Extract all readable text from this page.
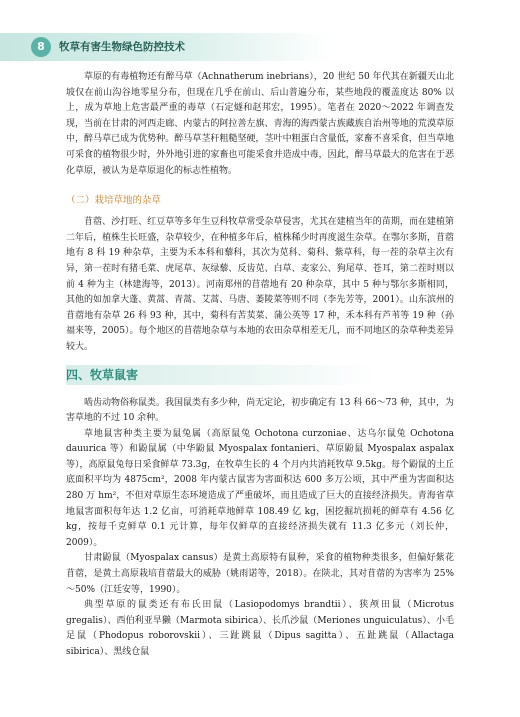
8	牧草有害生物绿色防控技术

草原的有毒植物还有醉马草（Achnatherum inebrians），20 世纪 50 年代其在新疆天山北坡仅在前山沟谷地零星分布，但现在几乎在前山、后山普遍分布，某些地段的覆盖度达 80% 以上，成为草地上危害最严重的毒草（石定燧和赵邦宏，1995）。笔者在 2020～2022 年调查发现，当前在甘肃的河西走廊、内蒙古的阿拉善左旗、青海的海西蒙古族藏族自治州等地的荒漠草原中，醉马草已成为优势种。醉马草茎秆粗糙坚硬，茎叶中粗蛋白含量低，家畜不喜采食，但当草地可采食的植物很少时，外外地引进的家畜也可能采食并造成中毒，因此，醉马草最大的危害在于恶化草原，被认为是草原退化的标志性植物。

（二）栽培草地的杂草

苜蓿、沙打旺、红豆草等多年生豆科牧草常受杂草侵害，尤其在建植当年的苗期，而在建植第二年后，植株生长旺盛，杂草较少，在种植多年后，植株稀少时再度滋生杂草。在鄂尔多斯，苜蓿地有 8 科 19 种杂草，主要为禾本科和藜科，其次为苋科、菊科、紫草科，每一茬的杂草主次有异，第一茬时有猪毛菜、虎尾草、灰绿藜、反齿苋、白草、麦家公、狗尾草、苍耳，第二茬时则以前 4 种为主（林建海等，2013）。河南郑州的苜蓿地有 20 种杂草，其中 5 种与鄂尔多斯相同，其他的如加拿大蓬、黄蒿、青蒿、艾蒿、马唐、萎陵菜等则不同（李先芳等，2001）。山东滨州的苜蓿地有杂草 26 科 93 种，其中，菊科有苦荬菜、蒲公英等 17 种，禾本科有芦苇等 19 种（孙福来等，2005）。每个地区的苜蓿地杂草与本地的农田杂草相差无几，而不同地区的杂草种类差异较大。

四、牧草鼠害

啮齿动物俗称鼠类。我国鼠类有多少种，尚无定论，初步确定有 13 科 66～73 种，其中，为害草地的不过 10 余种。

草地鼠害种类主要为鼠兔属（高原鼠兔 Ochotona curzoniae、达乌尔鼠兔 Ochotona dauurica 等）和鼢鼠属（中华鼢鼠 Myospalax fontanieri、草原鼢鼠 Myospalax aspalax 等），高原鼠兔每日采食鲜草 73.3g，在牧草生长的 4 个月内共消耗牧草 9.5kg。每个鼢鼠的土丘底面积平均为 4875cm²，2008 年内蒙古鼠害为害面积达 600 多万公顷，其中严重为害面积达 280 万 hm²，不但对草原生态环境造成了严重破坏，而且造成了巨大的直接经济损失。青海省草地鼠害面积每年达 1.2 亿亩，可消耗草地鲜草 108.49 亿 kg，困挖掘坑损耗的鲜草有 4.56 亿 kg，按每千克鲜草 0.1 元计算，每年仅鲜草的直接经济损失就有 11.3 亿多元（刘长仲，2009）。

甘肃鼢鼠（Myospalax cansus）是黄土高原特有鼠种，采食的植物种类很多，但偏好紫花苜蓿，是黄土高原栽培苜蓿最大的威胁（姚雨诺等，2018）。在陕北，其对苜蓿的为害率为 25%～50%（江廷安等，1990）。

典型草原的鼠类还有布氏田鼠（Lasiopodomys brandtii）、狭颅田鼠（Microtus gregalis）、西伯利亚旱獭（Marmota sibirica）、长爪沙鼠（Meriones unguiculatus）、小毛足鼠（Phodopus roborovskii）、三趾跳鼠（Dipus sagitta）、五趾跳鼠（Allactaga sibirica）、黑线仓鼠
